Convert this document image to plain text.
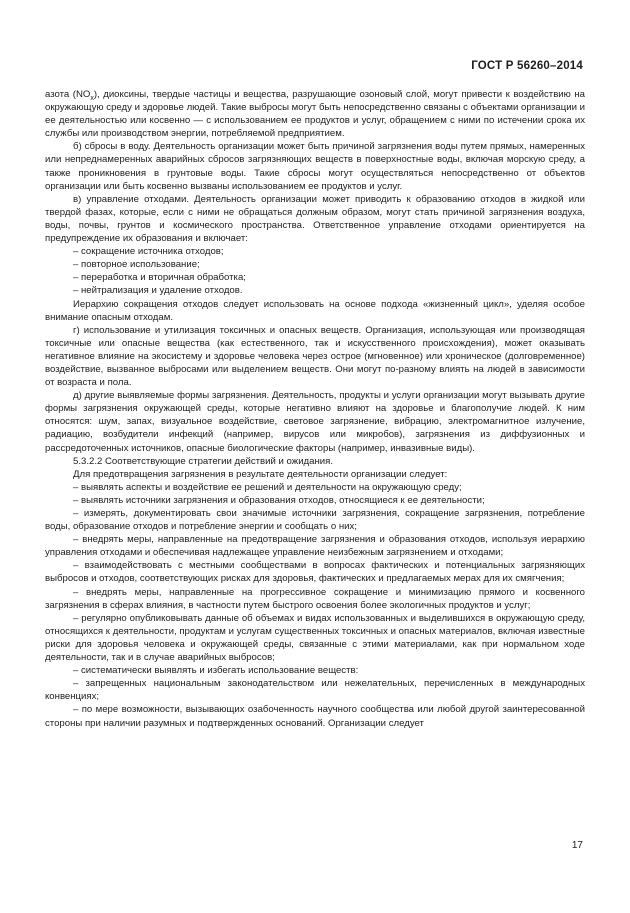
ГОСТ Р 56260–2014

азота $(NO_x)$, диоксины, твердые частицы и вещества, разрушающие озоновый слой, могут привести к воздействию на окружающую среду и здоровье людей. Такие выбросы могут быть непосредственно связаны с объектами организации и ее деятельностью или косвенно — с использованием ее продуктов и услуг, обращением с ними по истечении срока их службы или производством энергии, потребляемой предприятием.

б) сбросы в воду. Деятельность организации может быть причиной загрязнения воды путем прямых, намеренных или непреднамеренных аварийных сбросов загрязняющих веществ в поверхностные воды, включая морскую среду, а также проникновения в грунтовые воды. Такие сбросы могут осуществляться непосредственно от объектов организации или быть косвенно вызваны использованием ее продуктов и услуг.

в) управление отходами. Деятельность организации может приводить к образованию отходов в жидкой или твердой фазах, которые, если с ними не обращаться должным образом, могут стать причиной загрязнения воздуха, воды, почвы, грунтов и космического пространства. Ответственное управление отходами ориентируется на предупреждение их образования и включает:

– сокращение источника отходов;
– повторное использование;
– переработка и вторичная обработка;
– нейтрализация и удаление отходов.

Иерархию сокращения отходов следует использовать на основе подхода «жизненный цикл», уделяя особое внимание опасным отходам.

г) использование и утилизация токсичных и опасных веществ. Организация, использующая или производящая токсичные или опасные вещества (как естественного, так и искусственного происхождения), может оказывать негативное влияние на экосистему и здоровье человека через острое (мгновенное) или хроническое (долговременное) воздействие, вызванное выбросами или выделением веществ. Они могут по-разному влиять на людей в зависимости от возраста и пола.

д) другие выявляемые формы загрязнения. Деятельность, продукты и услуги организации могут вызывать другие формы загрязнения окружающей среды, которые негативно влияют на здоровье и благополучие людей. К ним относятся: шум, запах, визуальное воздействие, световое загрязнение, вибрацию, электромагнитное излучение, радиацию, возбудители инфекций (например, вирусов или микробов), загрязнения из диффузионных и рассредоточенных источников, опасные биологические факторы (например, инвазивные виды).

5.3.2.2 Соответствующие стратегии действий и ожидания.

Для предотвращения загрязнения в результате деятельности организации следует:

– выявлять аспекты и воздействие ее решений и деятельности на окружающую среду;
– выявлять источники загрязнения и образования отходов, относящиеся к ее деятельности;
– измерять, документировать свои значимые источники загрязнения, сокращение загрязнения, потребление воды, образование отходов и потребление энергии и сообщать о них;
– внедрять меры, направленные на предотвращение загрязнения и образования отходов, используя иерархию управления отходами и обеспечивая надлежащее управление неизбежным загрязнением и отходами;
– взаимодействовать с местными сообществами в вопросах фактических и потенциальных загрязняющих выбросов и отходов, соответствующих рисках для здоровья, фактических и предлагаемых мерах для их смягчения;
– внедрять меры, направленные на прогрессивное сокращение и минимизацию прямого и косвенного загрязнения в сферах влияния, в частности путем быстрого освоения более экологичных продуктов и услуг;
– регулярно опубликовывать данные об объемах и видах использованных и выделившихся в окружающую среду, относящихся к деятельности, продуктам и услугам существенных токсичных и опасных материалов, включая известные риски для здоровья человека и окружающей среды, связанные с этими материалами, как при нормальном ходе деятельности, так и в случае аварийных выбросов;
– систематически выявлять и избегать использование веществ:
– запрещенных национальным законодательством или нежелательных, перечисленных в международных конвенциях;
– по мере возможности, вызывающих озабоченность научного сообщества или любой другой заинтересованной стороны при наличии разумных и подтвержденных оснований. Организации следует
17
